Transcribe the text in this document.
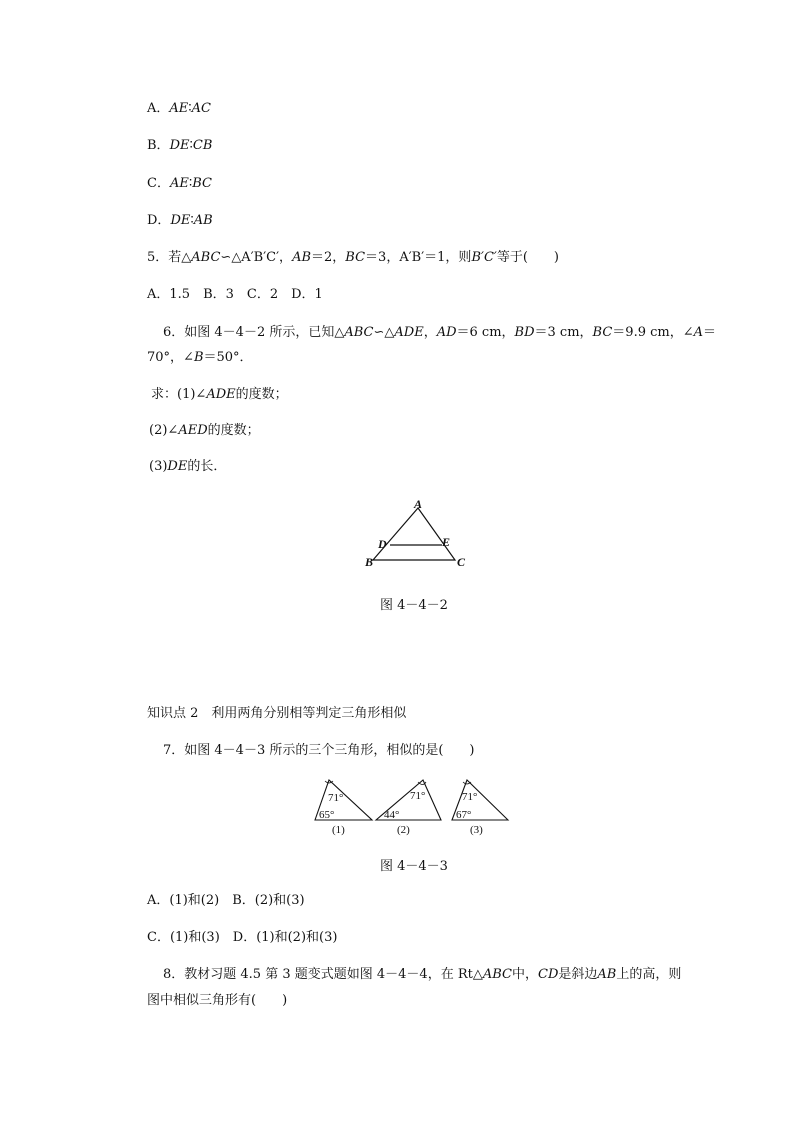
A．AE∶AC
B．DE∶CB
C．AE∶BC
D．DE∶AB
5．若△ABC∽△A′B′C′，AB＝2，BC＝3，A′B′＝1，则B′C′等于(　　)
A．1.5　B．3　C．2　D．1
6．如图 4－4－2 所示，已知△ABC∽△ADE，AD＝6 cm，BD＝3 cm，BC＝9.9 cm，∠A＝
70°，∠B＝50°．
求：(1)∠ADE的度数；
(2)∠AED的度数；
(3)DE的长．
A
B	C
D	E
图 4－4－2
知识点 2　利用两角分别相等判定三角形相似
7．如图 4－4－3 所示的三个三角形，相似的是(　　)
71°
65°
(1)
71°
44°
(2)
71°
67°
(3)
图 4－4－3
A．(1)和(2)　B．(2)和(3)
C．(1)和(3)　D．(1)和(2)和(3)
8．教材习题 4.5 第 3 题变式题如图 4－4－4，在 Rt△ABC中，CD是斜边AB上的高，则
图中相似三角形有(　　)
